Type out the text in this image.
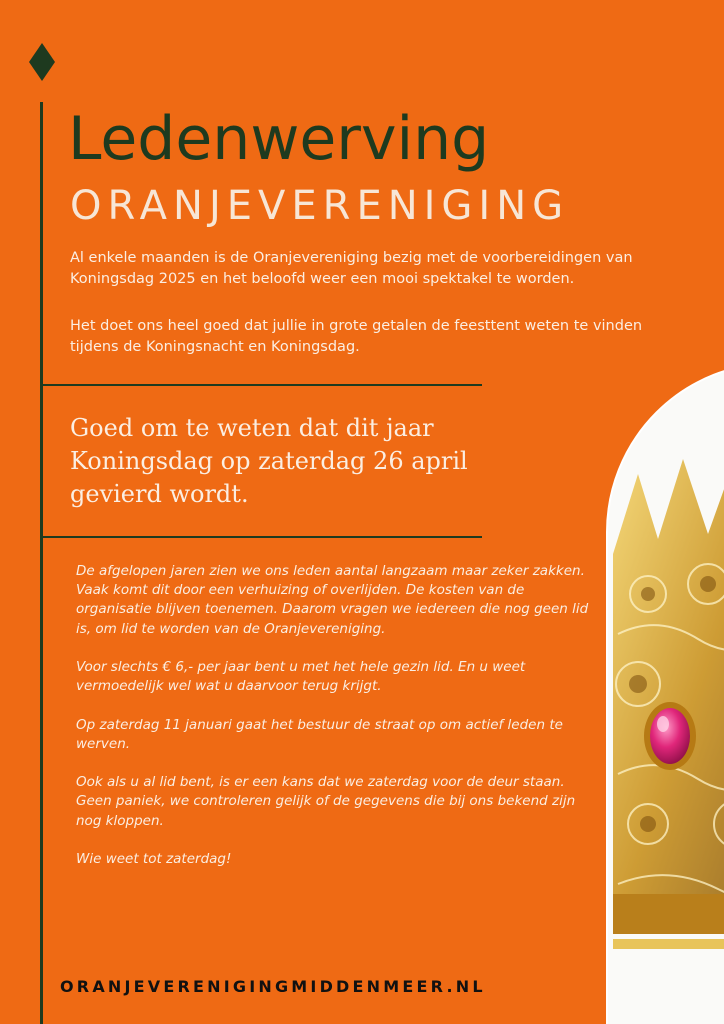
Ledenwerving
ORANJEVERENIGING

Al enkele maanden is de Oranjevereniging bezig met de voorbereidingen van Koningsdag 2025 en het beloofd weer een mooi spektakel te worden.

Het doet ons heel goed dat jullie in grote getalen de feesttent weten te vinden tijdens de Koningsnacht en Koningsdag.

Goed om te weten dat dit jaar Koningsdag op zaterdag 26 april gevierd wordt.

De afgelopen jaren zien we ons leden aantal langzaam maar zeker zakken. Vaak komt dit door een verhuizing of overlijden. De kosten van de organisatie blijven toenemen. Daarom vragen we iedereen die nog geen lid is, om lid te worden van de Oranjevereniging.

Voor slechts € 6,- per jaar bent u met het hele gezin lid. En u weet vermoedelijk wel wat u daarvoor terug krijgt.

Op zaterdag 11 januari gaat het bestuur de straat op om actief leden te werven.

Ook als u al lid bent, is er een kans dat we zaterdag voor de deur staan. Geen paniek, we controleren gelijk of de gegevens die bij ons bekend zijn nog kloppen.

Wie weet tot zaterdag!

ORANJEVERENIGINGMIDDENMEER.NL
